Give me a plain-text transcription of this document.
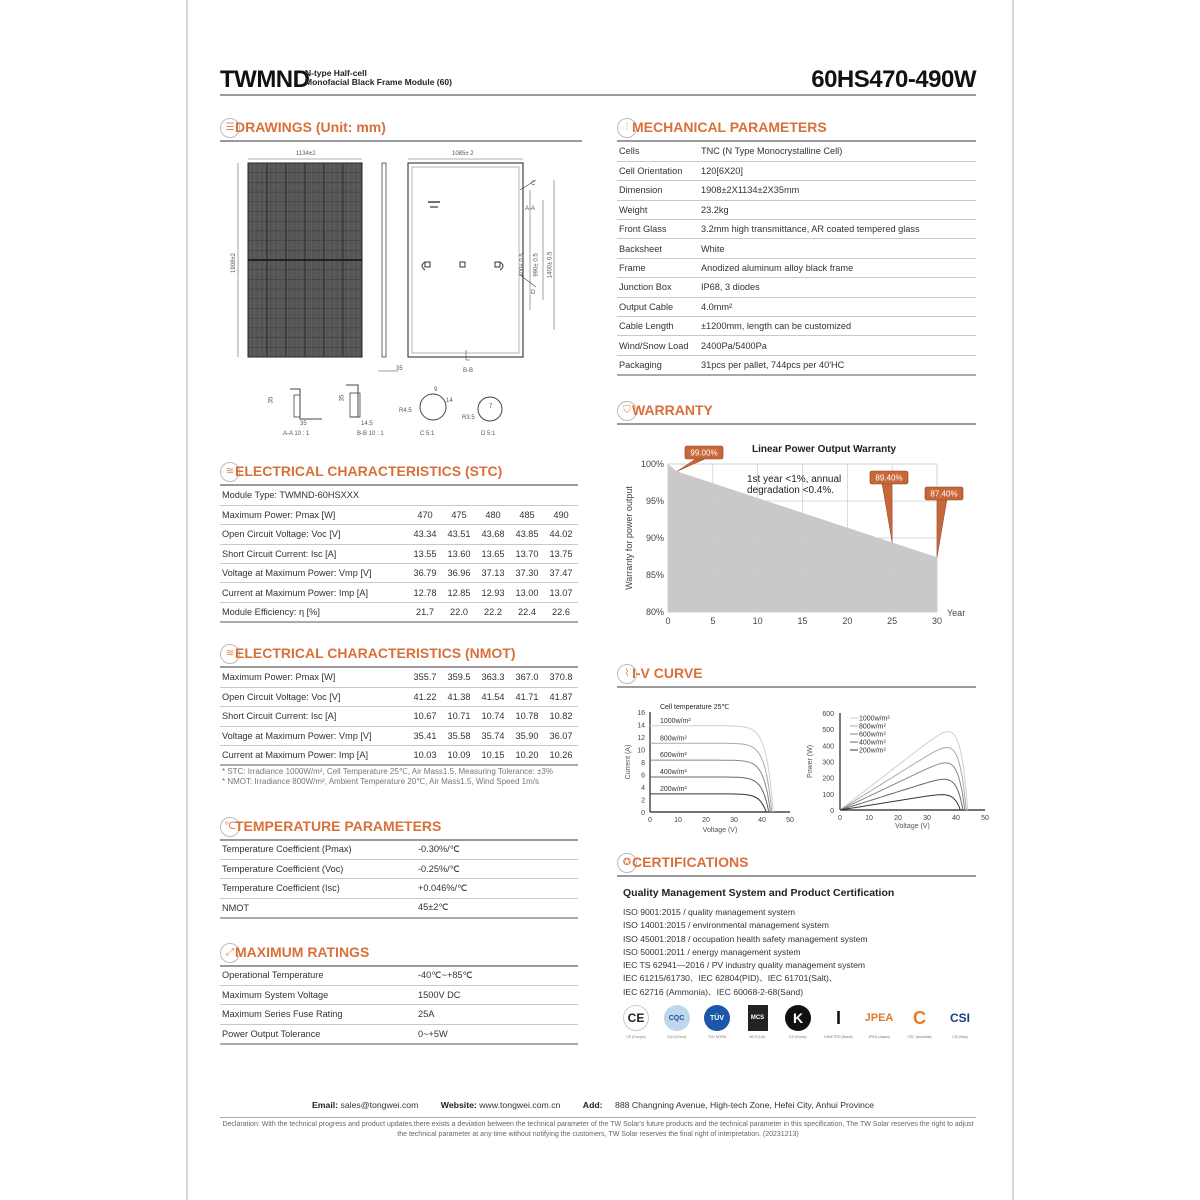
TWMND
N-type Half-cell
Monofacial Black Frame Module (60)	60HS470-490W
☰ DRAWINGS (Unit: mm)
1134±2
1908±2
35
1085± 2
400± 0.5 990± 0.5 1400± 0.5
C
D
A-A
B-B
35
35
A-A 10 : 1
35
14.5
B-B 10 : 1
R4.5
9
14
C 5:1
R3.5
7
D 5:1
⫶ MECHANICAL PARAMETERS
Cells	TNC (N Type Monocrystalline Cell)
Cell Orientation	120[6X20]
Dimension	1908±2X1134±2X35mm
Weight	23.2kg
Front Glass	3.2mm high transmittance, AR coated tempered glass
Backsheet	White
Frame	Anodized aluminum alloy black frame
Junction Box	IP68, 3 diodes
Output Cable	4.0mm²
Cable Length	±1200mm, length can be customized
Wind/Snow Load	2400Pa/5400Pa
Packaging	31pcs per pallet, 744pcs per 40'HC
≋ ELECTRICAL CHARACTERISTICS (STC)
Module Type: TWMND-60HSXXX					
Maximum Power: Pmax [W]	470	475	480	485	490
Open Circuit Voltage: Voc [V]	43.34	43.51	43.68	43.85	44.02
Short Circuit Current: Isc [A]	13.55	13.60	13.65	13.70	13.75
Voltage at Maximum Power: Vmp [V]	36.79	36.96	37.13	37.30	37.47
Current at Maximum Power: Imp [A]	12.78	12.85	12.93	13.00	13.07
Module Efficiency: η [%]	21.7	22.0	22.2	22.4	22.6
≋ ELECTRICAL CHARACTERISTICS (NMOT)
Maximum Power: Pmax [W]	355.7	359.5	363.3	367.0	370.8
Open Circuit Voltage: Voc [V]	41.22	41.38	41.54	41.71	41.87
Short Circuit Current: Isc [A]	10.67	10.71	10.74	10.78	10.82
Voltage at Maximum Power: Vmp [V]	35.41	35.58	35.74	35.90	36.07
Current at Maximum Power: Imp [A]	10.03	10.09	10.15	10.20	10.26
* STC: Irradiance 1000W/m², Cell Temperature 25℃, Air Mass1.5, Measuring Tolerance: ±3%
* NMOT: Irradiance 800W/m², Ambient Temperature 20℃, Air Mass1.5, Wind Speed 1m/s
℃ TEMPERATURE PARAMETERS
Temperature Coefficient (Pmax)	-0.30%/℃
Temperature Coefficient (Voc)	-0.25%/℃
Temperature Coefficient (Isc)	+0.046%/℃
NMOT	45±2℃
⤢ MAXIMUM RATINGS
Operational Temperature	-40℃~+85℃
Maximum System Voltage	1500V DC
Maximum Series Fuse Rating	25A
Power Output Tolerance	0~+5W
⛉ WARRANTY
Linear Power Output Warranty
0	5	10	15	20	25	30
80%
85%
90%
95%
100%
Year
Warranty for power output
99.00%
89.40%
87.40%
1st year <1%, annual degradation <0.4%.
⌇ I-V CURVE
0
2
4
6
8
10
12
14
16
0	10	20	30	40	50
Voltage (V)
Current (A)
Cell temperature 25℃
1000w/m²
800w/m²
600w/m²
400w/m²
200w/m²
0
100
200
300
400
500
600
0	10	20	30	40	50
Voltage (V)
Power (W)
1000w/m²
800w/m²
600w/m²
400w/m²
200w/m²
✪ CERTIFICATIONS
Quality Management System and Product Certification
ISO 9001:2015 / quality management system
ISO 14001:2015 / environmental management system
ISO 45001:2018 / occupation health safety management system
ISO 50001:2011 / energy management system
IEC TS 62941—2016 / PV industry quality management system
IEC 61215/61730、IEC 62804(PID)、IEC 61701(Salt)、
IEC 62716 (Ammonia)、IEC 60068-2-68(Sand)
CE
CE (Europe)
CQC
CQC(China)
TÜV
TÜV NORD
MCS
MCS (UK)
K
KS (Korea)
I
INMETRO (Brazil)
JPEA
JPEA (Japan)
C
CEC (Australia)
CSI
CSI (Italy)
Email: sales@tongwei.com	Website: www.tongwei.com.cn	Add: 888 Changning Avenue, High-tech Zone, Hefei City, Anhui Province
Declaration: With the technical progress and product updates,there exists a deviation between the technical parameter of the TW Solar's future products and the technical parameter in this specification, The TW Solar reserves the right to adjust the technical parameter at any time without notifying the customers, TW Solar reserves the final right of interpretation. (20231213)
